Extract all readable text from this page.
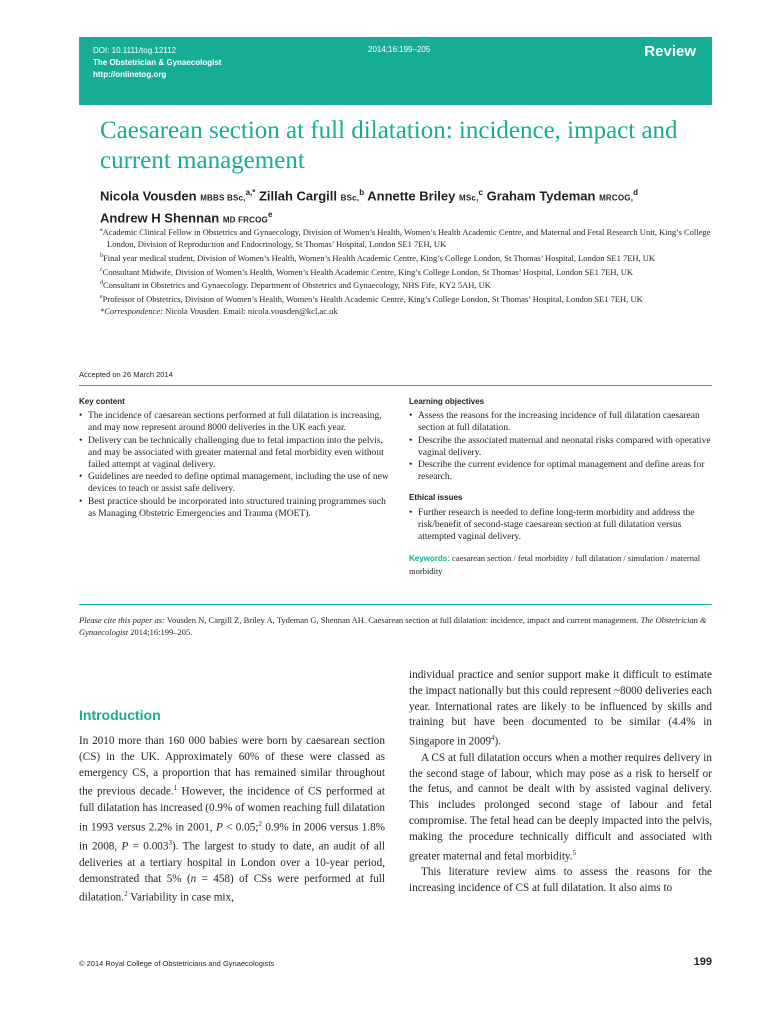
DOI: 10.1111/tog.12112
The Obstetrician & Gynaecologist
http://onlinetog.org
2014;16:199–205	Review
Caesarean section at full dilatation: incidence, impact and current management
Nicola Vousden MBBS BSc,$^{a,*}$ Zillah Cargill BSc,$^b$ Annette Briley MSc,$^c$ Graham Tydeman MRCOG,$^d$
Andrew H Shennan MD FRCOG$^e$
$^a$Academic Clinical Fellow in Obstetrics and Gynaecology, Division of Women’s Health, Women’s Health Academic Centre, and Maternal and Fetal Research Unit, King’s College London, Division of Reproduction and Endocrinology, St Thomas’ Hospital, London SE1 7EH, UK
$^b$Final year medical student, Division of Women’s Health, Women’s Health Academic Centre, King’s College London, St Thomas’ Hospital, London SE1 7EH, UK
$^c$Consultant Midwife, Division of Women’s Health, Women’s Health Academic Centre, King’s College London, St Thomas’ Hospital, London SE1 7EH, UK
$^d$Consultant in Obstetrics and Gynaecology. Department of Obstetrics and Gynaecology, NHS Fife, KY2 5AH, UK
$^e$Professor of Obstetrics, Division of Women’s Health, Women’s Health Academic Centre, King’s College London, St Thomas’ Hospital, London SE1 7EH, UK
*Correspondence: Nicola Vousden. Email: nicola.vousden@kcl.ac.uk
Accepted on 26 March 2014
Key content
• The incidence of caesarean sections performed at full dilatation is increasing, and may now represent around 8000 deliveries in the UK each year.
• Delivery can be technically challenging due to fetal impaction into the pelvis, and may be associated with greater maternal and fetal morbidity even without failed attempt at vaginal delivery.
• Guidelines are needed to define optimal management, including the use of new devices to teach or assist safe delivery.
• Best practice should be incorporated into structured training programmes such as Managing Obstetric Emergencies and Trauma (MOET).
Learning objectives
• Assess the reasons for the increasing incidence of full dilatation caesarean section at full dilatation.
• Describe the associated maternal and neonatal risks compared with operative vaginal delivery.
• Describe the current evidence for optimal management and define areas for research.
Ethical issues
• Further research is needed to define long-term morbidity and address the risk/benefit of second-stage caesarean section at full dilatation versus attempted vaginal delivery.
Keywords: caesarean section / fetal morbidity / full dilatation / simulation / maternal morbidity
Please cite this paper as: Vousden N, Cargill Z, Briley A, Tydeman G, Shennan AH. Caesarean section at full dilatation: incidence, impact and current management. The Obstetrician & Gynaecologist 2014;16:199–205.
Introduction

In 2010 more than 160 000 babies were born by caesarean section (CS) in the UK. Approximately 60% of these were classed as emergency CS, a proportion that has remained similar throughout the previous decade.$^1$ However, the incidence of CS performed at full dilatation has increased (0.9% of women reaching full dilatation in 1993 versus 2.2% in 2001, P < 0.05;$^2$ 0.9% in 2006 versus 1.8% in 2008, P = 0.003$^3$). The largest to study to date, an audit of all deliveries at a tertiary hospital in London over a 10-year period, demonstrated that 5% (n = 458) of CSs were performed at full dilatation.$^2$ Variability in case mix,

individual practice and senior support make it difficult to estimate the impact nationally but this could represent ~8000 deliveries each year. International rates are likely to be influenced by skills and training but have been documented to be similar (4.4% in Singapore in 2009$^4$).

A CS at full dilatation occurs when a mother requires delivery in the second stage of labour, which may pose as a risk to herself or the fetus, and cannot be dealt with by assisted vaginal delivery. This includes prolonged second stage of labour and fetal compromise. The fetal head can be deeply impacted into the pelvis, making the procedure technically difficult and associated with greater maternal and fetal morbidity.$^5$

This literature review aims to assess the reasons for the increasing incidence of CS at full dilatation. It also aims to

© 2014 Royal College of Obstetricians and Gynaecologists	199
